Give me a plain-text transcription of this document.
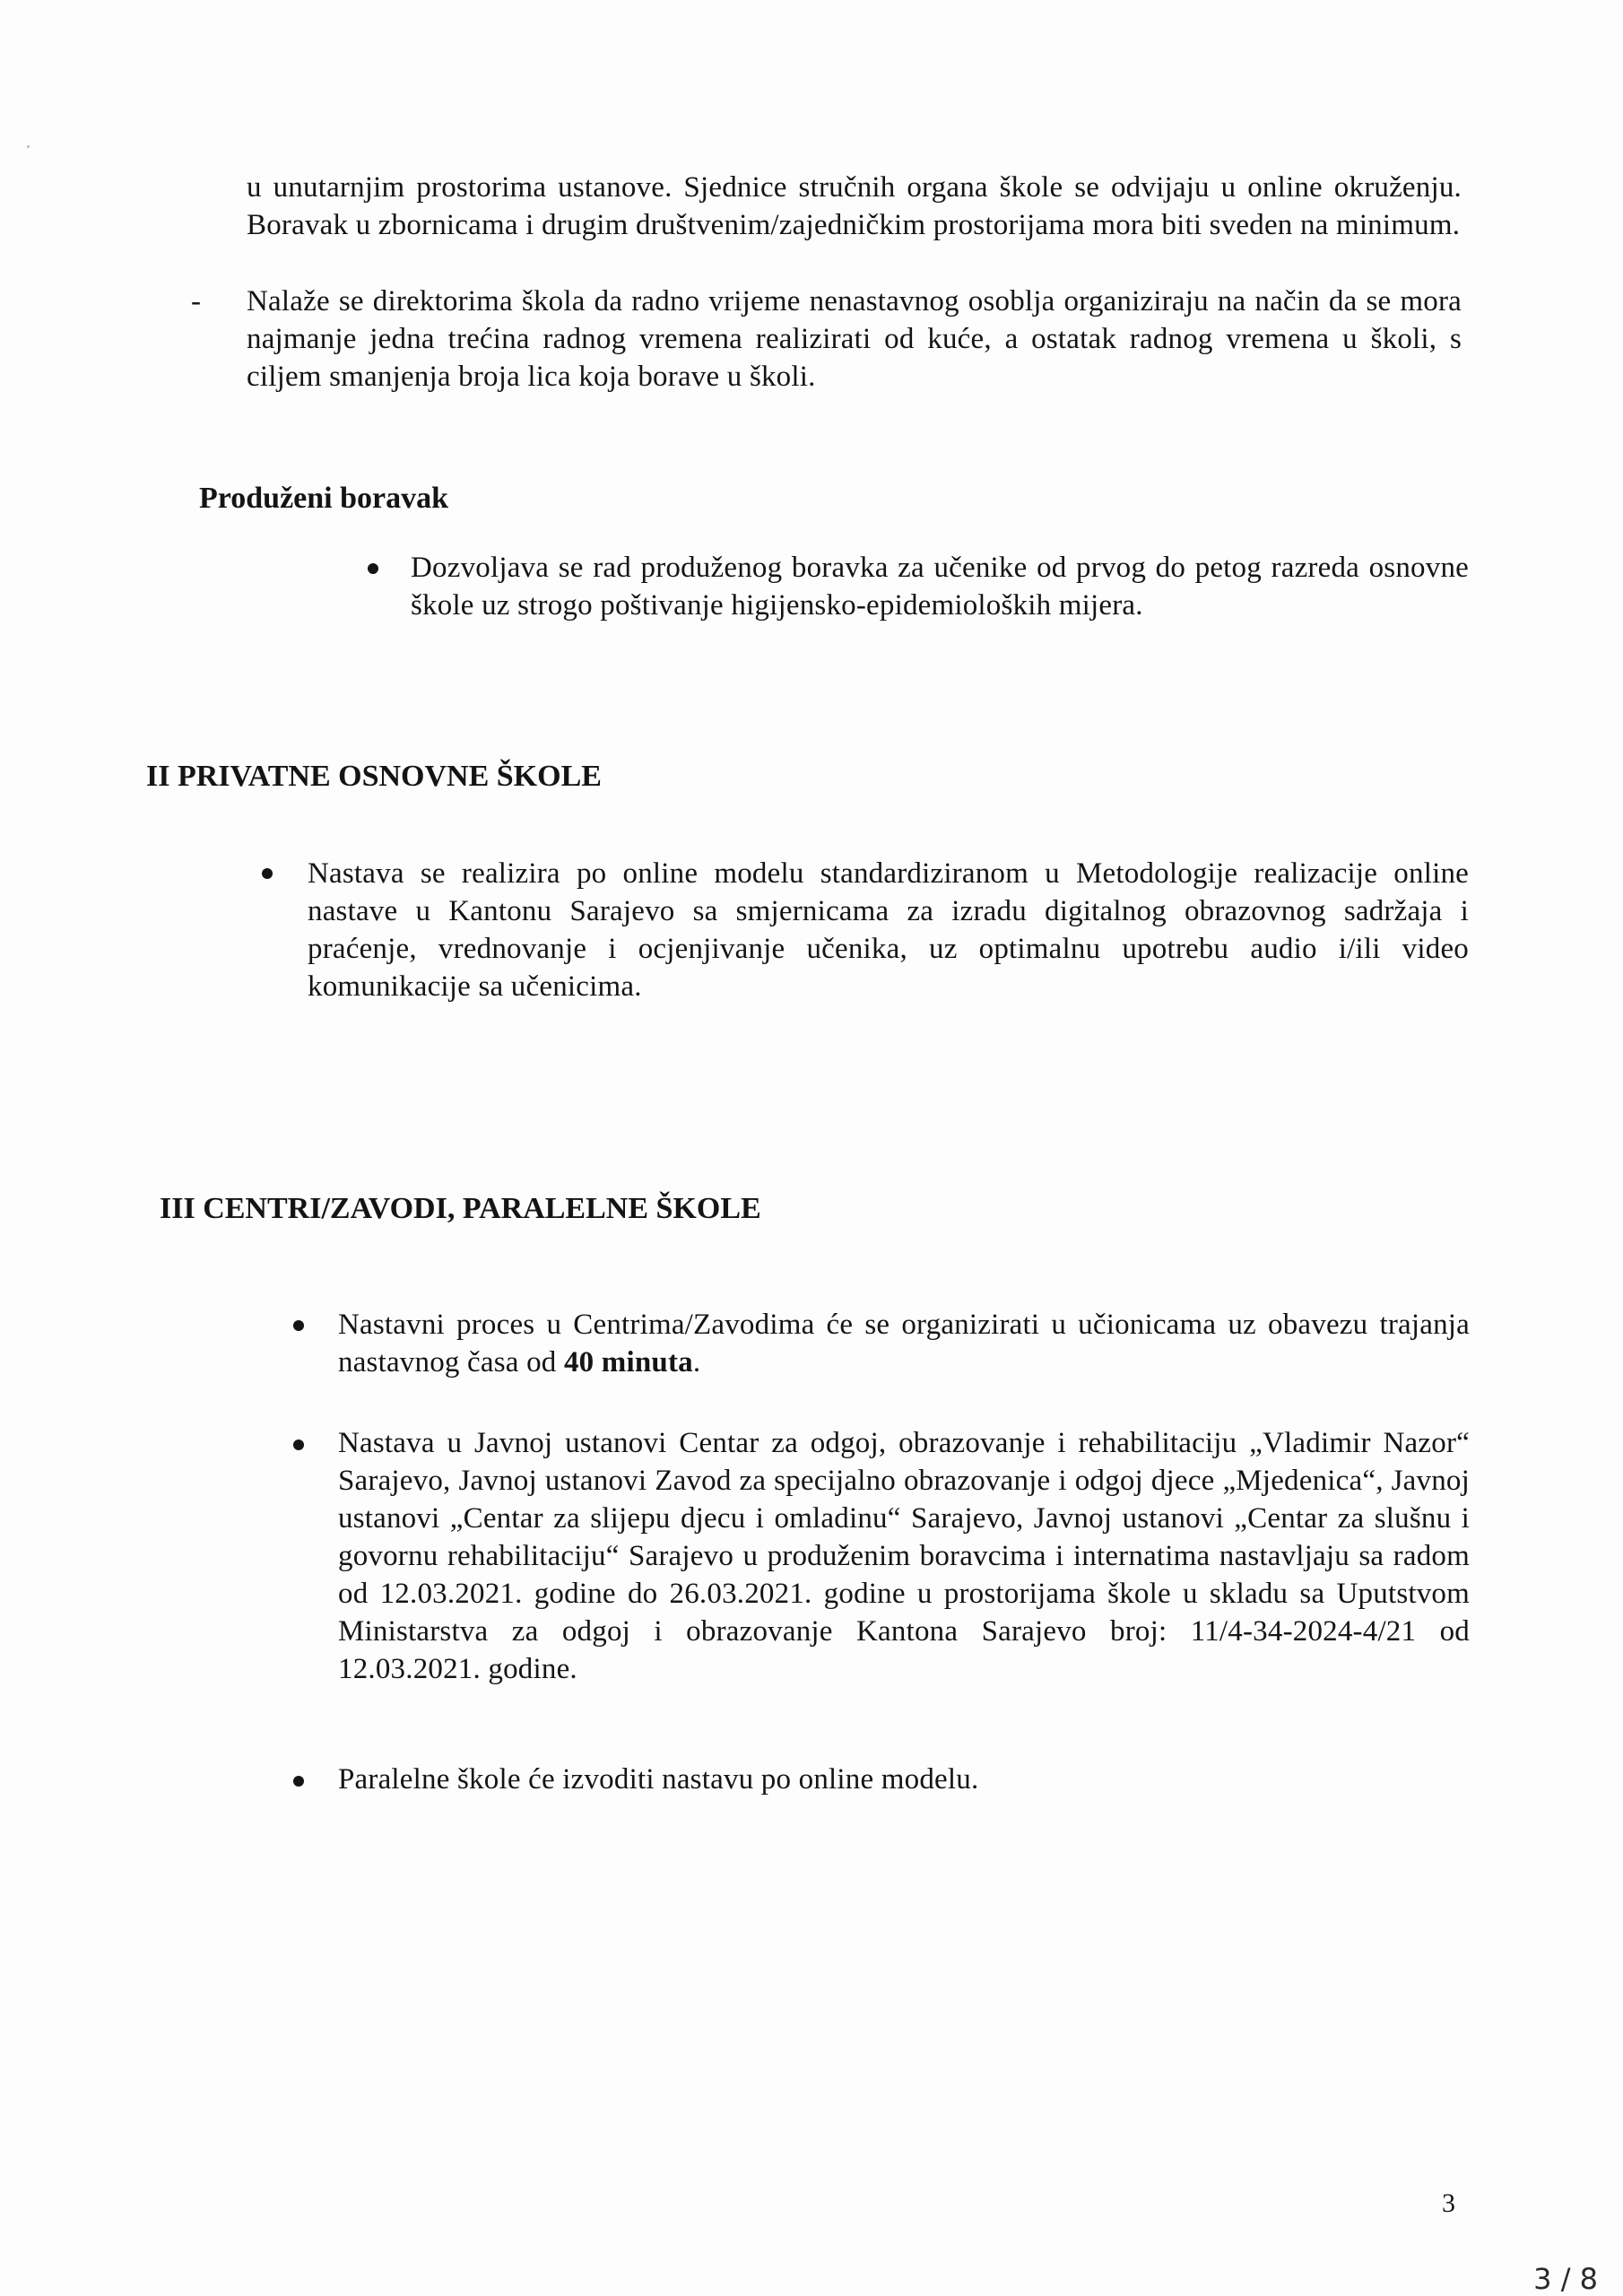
u unutarnjim prostorima ustanove. Sjednice stručnih organa škole se odvijaju u online okruženju. Boravak u zbornicama i drugim društvenim/zajedničkim prostorijama mora biti sveden na minimum.

- Nalaže se direktorima škola da radno vrijeme nenastavnog osoblja organiziraju na način da se mora najmanje jedna trećina radnog vremena realizirati od kuće, a ostatak radnog vremena u školi, s ciljem smanjenja broja lica koja borave u školi.

Produženi boravak

Dozvoljava se rad produženog boravka za učenike od prvog do petog razreda osnovne škole uz strogo poštivanje higijensko-epidemioloških mijera.

II PRIVATNE OSNOVNE ŠKOLE

Nastava se realizira po online modelu standardiziranom u Metodologije realizacije online nastave u Kantonu Sarajevo sa smjernicama za izradu digitalnog obrazovnog sadržaja i praćenje, vrednovanje i ocjenjivanje učenika, uz optimalnu upotrebu audio i/ili video komunikacije sa učenicima.

III CENTRI/ZAVODI, PARALELNE ŠKOLE

Nastavni proces u Centrima/Zavodima će se organizirati u učionicama uz obavezu trajanja nastavnog časa od 40 minuta.

Nastava u Javnoj ustanovi Centar za odgoj, obrazovanje i rehabilitaciju „Vladimir Nazor“ Sarajevo, Javnoj ustanovi Zavod za specijalno obrazovanje i odgoj djece „Mjedenica“, Javnoj ustanovi „Centar za slijepu djecu i omladinu“ Sarajevo, Javnoj ustanovi „Centar za slušnu i govornu rehabilitaciju“ Sarajevo u produženim boravcima i internatima nastavljaju sa radom od 12.03.2021. godine do 26.03.2021. godine u prostorijama škole u skladu sa Uputstvom Ministarstva za odgoj i obrazovanje Kantona Sarajevo broj: 11/4-34-2024-4/21 od 12.03.2021. godine.

Paralelne škole će izvoditi nastavu po online modelu.

3
3 / 8
